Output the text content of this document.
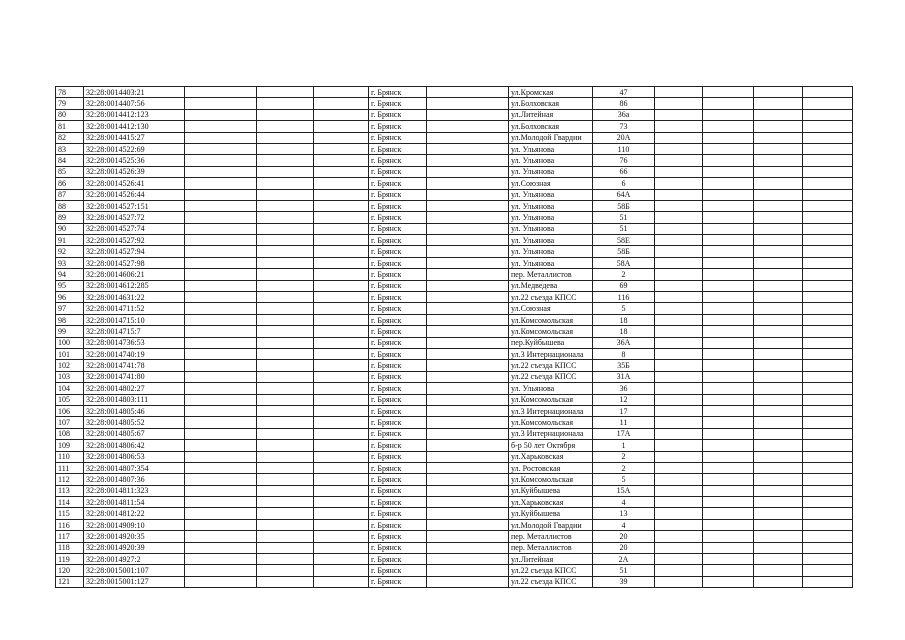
78	32:28:0014403:21				г. Брянск		ул.Кромская	47				
79	32:28:0014407:56				г. Брянск		ул.Болховская	86				
80	32:28:0014412:123				г. Брянск		ул.Литейная	36а				
81	32:28:0014412:130				г. Брянск		ул.Болховская	73				
82	32:28:0014415:27				г. Брянск		ул.Молодой Гвардии	20А				
83	32:28:0014522:69				г. Брянск		ул. Ульянова	110				
84	32:28:0014525:36				г. Брянск		ул. Ульянова	76				
85	32:28:0014526:39				г. Брянск		ул. Ульянова	66				
86	32:28:0014526:41				г. Брянск		ул.Союзная	6				
87	32:28:0014526:44				г. Брянск		ул. Ульянова	64А				
88	32:28:0014527:151				г. Брянск		ул. Ульянова	58Б				
89	32:28:0014527:72				г. Брянск		ул. Ульянова	51				
90	32:28:0014527:74				г. Брянск		ул. Ульянова	51				
91	32:28:0014527:92				г. Брянск		ул. Ульянова	58Е				
92	32:28:0014527:94				г. Брянск		ул. Ульянова	58Б				
93	32:28:0014527:98				г. Брянск		ул. Ульянова	58А				
94	32:28:0014606:21				г. Брянск		пер. Металлистов	2				
95	32:28:0014612:285				г. Брянск		ул.Медведева	69				
96	32:28:0014631:22				г. Брянск		ул.22 съезда КПСС	116				
97	32:28:0014711:52				г. Брянск		ул.Союзная	5				
98	32:28:0014715:10				г. Брянск		ул.Комсомольская	18				
99	32:28:0014715:7				г. Брянск		ул.Комсомольская	18				
100	32:28:0014736:53				г. Брянск		пер.Куйбышева	36А				
101	32:28:0014740:19				г. Брянск		ул.3 Интернационала	8				
102	32:28:0014741:78				г. Брянск		ул.22 съезда КПСС	35Б				
103	32:28:0014741:80				г. Брянск		ул.22 съезда КПСС	31А				
104	32:28:0014802:27				г. Брянск		ул. Ульянова	36				
105	32:28:0014803:111				г. Брянск		ул.Комсомольская	12				
106	32:28:0014805:46				г. Брянск		ул.3 Интернационала	17				
107	32:28:0014805:52				г. Брянск		ул.Комсомольская	11				
108	32:28:0014805:67				г. Брянск		ул.3 Интернационала	17А				
109	32:28:0014806:42				г. Брянск		б-р 50 лет Октября	1				
110	32:28:0014806:53				г. Брянск		ул.Харьковская	2				
111	32:28:0014807:354				г. Брянск		ул. Ростовская	2				
112	32:28:0014807:36				г. Брянск		ул.Комсомольская	5				
113	32:28:0014811:323				г. Брянск		ул.Куйбышева	15А				
114	32:28:0014811:54				г. Брянск		ул.Харьковская	4				
115	32:28:0014812:22				г. Брянск		ул.Куйбышева	13				
116	32:28:0014909:10				г. Брянск		ул.Молодой Гвардии	4				
117	32:28:0014920:35				г. Брянск		пер. Металлистов	20				
118	32:28:0014920:39				г. Брянск		пер. Металлистов	20				
119	32:28:0014927:2				г. Брянск		ул.Литейная	2А				
120	32:28:0015001:107				г. Брянск		ул.22 съезда КПСС	51				
121	32:28:0015001:127				г. Брянск		ул.22 съезда КПСС	39				
